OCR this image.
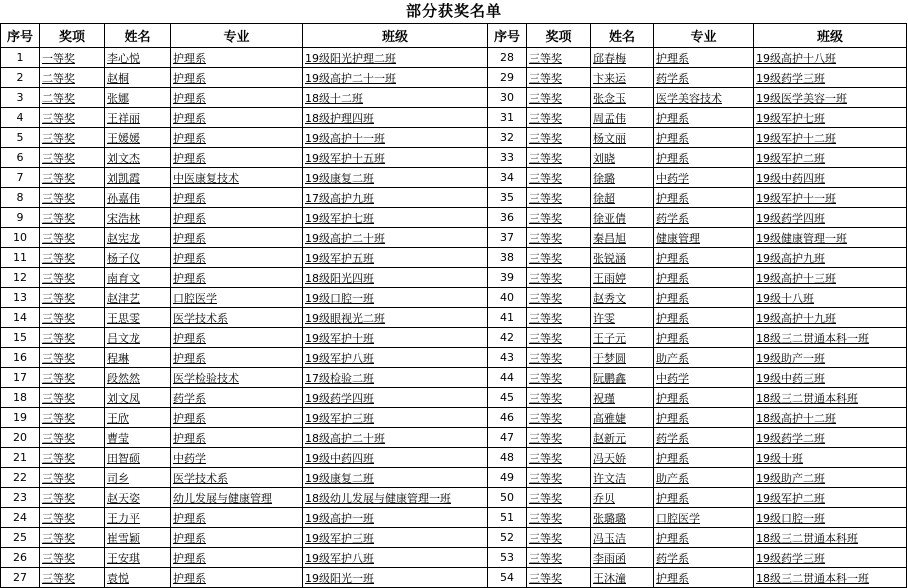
部分获奖名单
序号	奖项	姓名	专业	班级	序号	奖项	姓名	专业	班级
1	一等奖	李心悦	护理系	19级阳光护理二班	28	三等奖	邱春梅	护理系	19级高护十八班
2	二等奖	赵桐	护理系	19级高护二十一班	29	三等奖	卞来运	药学系	19级药学三班
3	二等奖	张娜	护理系	18级十二班	30	三等奖	张念玉	医学美容技术	19级医学美容一班
4	三等奖	王祥丽	护理系	18级护理四班	31	三等奖	周孟伟	护理系	19级军护七班
5	三等奖	王媛媛	护理系	19级高护十一班	32	三等奖	杨文丽	护理系	19级军护十二班
6	三等奖	刘文杰	护理系	19级军护十五班	33	三等奖	刘晓	护理系	19级军护二班
7	三等奖	刘凯霞	中医康复技术	19级康复二班	34	三等奖	徐璐	中药学	19级中药四班
8	三等奖	孙嘉伟	护理系	17级高护九班	35	三等奖	徐超	护理系	19级军护十一班
9	三等奖	宋浩林	护理系	19级军护七班	36	三等奖	徐亚倩	药学系	19级药学四班
10	三等奖	赵宪龙	护理系	19级高护二十班	37	三等奖	秦昌旭	健康管理	19级健康管理一班
11	三等奖	杨子仪	护理系	19级军护五班	38	三等奖	张锐涵	护理系	19级高护九班
12	三等奖	南育文	护理系	18级阳光四班	39	三等奖	王雨婷	护理系	19级高护十三班
13	三等奖	赵津艺	口腔医学	19级口腔一班	40	三等奖	赵秀文	护理系	19级十八班
14	三等奖	王思雯	医学技术系	19级眼视光二班	41	三等奖	许雯	护理系	19级高护十九班
15	三等奖	吕文龙	护理系	19级军护十班	42	三等奖	王子元	护理系	18级三二贯通本科一班
16	三等奖	程琳	护理系	19级军护八班	43	三等奖	于梦圆	助产系	19级助产一班
17	三等奖	段然然	医学检验技术	17级检验二班	44	三等奖	阮鹏鑫	中药学	19级中药三班
18	三等奖	刘文凤	药学系	19级药学四班	45	三等奖	祝瑾	护理系	18级三二贯通本科班
19	三等奖	王欣	护理系	19级军护三班	46	三等奖	高雅婕	护理系	18级高护十二班
20	三等奖	曹莹	护理系	18级高护二十班	47	三等奖	赵新元	药学系	19级药学二班
21	三等奖	田智硕	中药学	19级中药四班	48	三等奖	冯天娇	护理系	19级十班
22	三等奖	司乡	医学技术系	19级康复二班	49	三等奖	许文洁	助产系	19级助产二班
23	三等奖	赵天姿	幼儿发展与健康管理	18级幼儿发展与健康管理一班	50	三等奖	乔贝	护理系	19级军护二班
24	三等奖	王力平	护理系	19级高护一班	51	三等奖	张璐璐	口腔医学	19级口腔一班
25	三等奖	崔雪颖	护理系	19级军护三班	52	三等奖	冯玉洁	护理系	18级三二贯通本科班
26	三等奖	王安琪	护理系	19级军护八班	53	三等奖	李雨函	药学系	19级药学三班
27	三等奖	袁悦	护理系	19级阳光一班	54	三等奖	王沐潼	护理系	18级三二贯通本科一班
